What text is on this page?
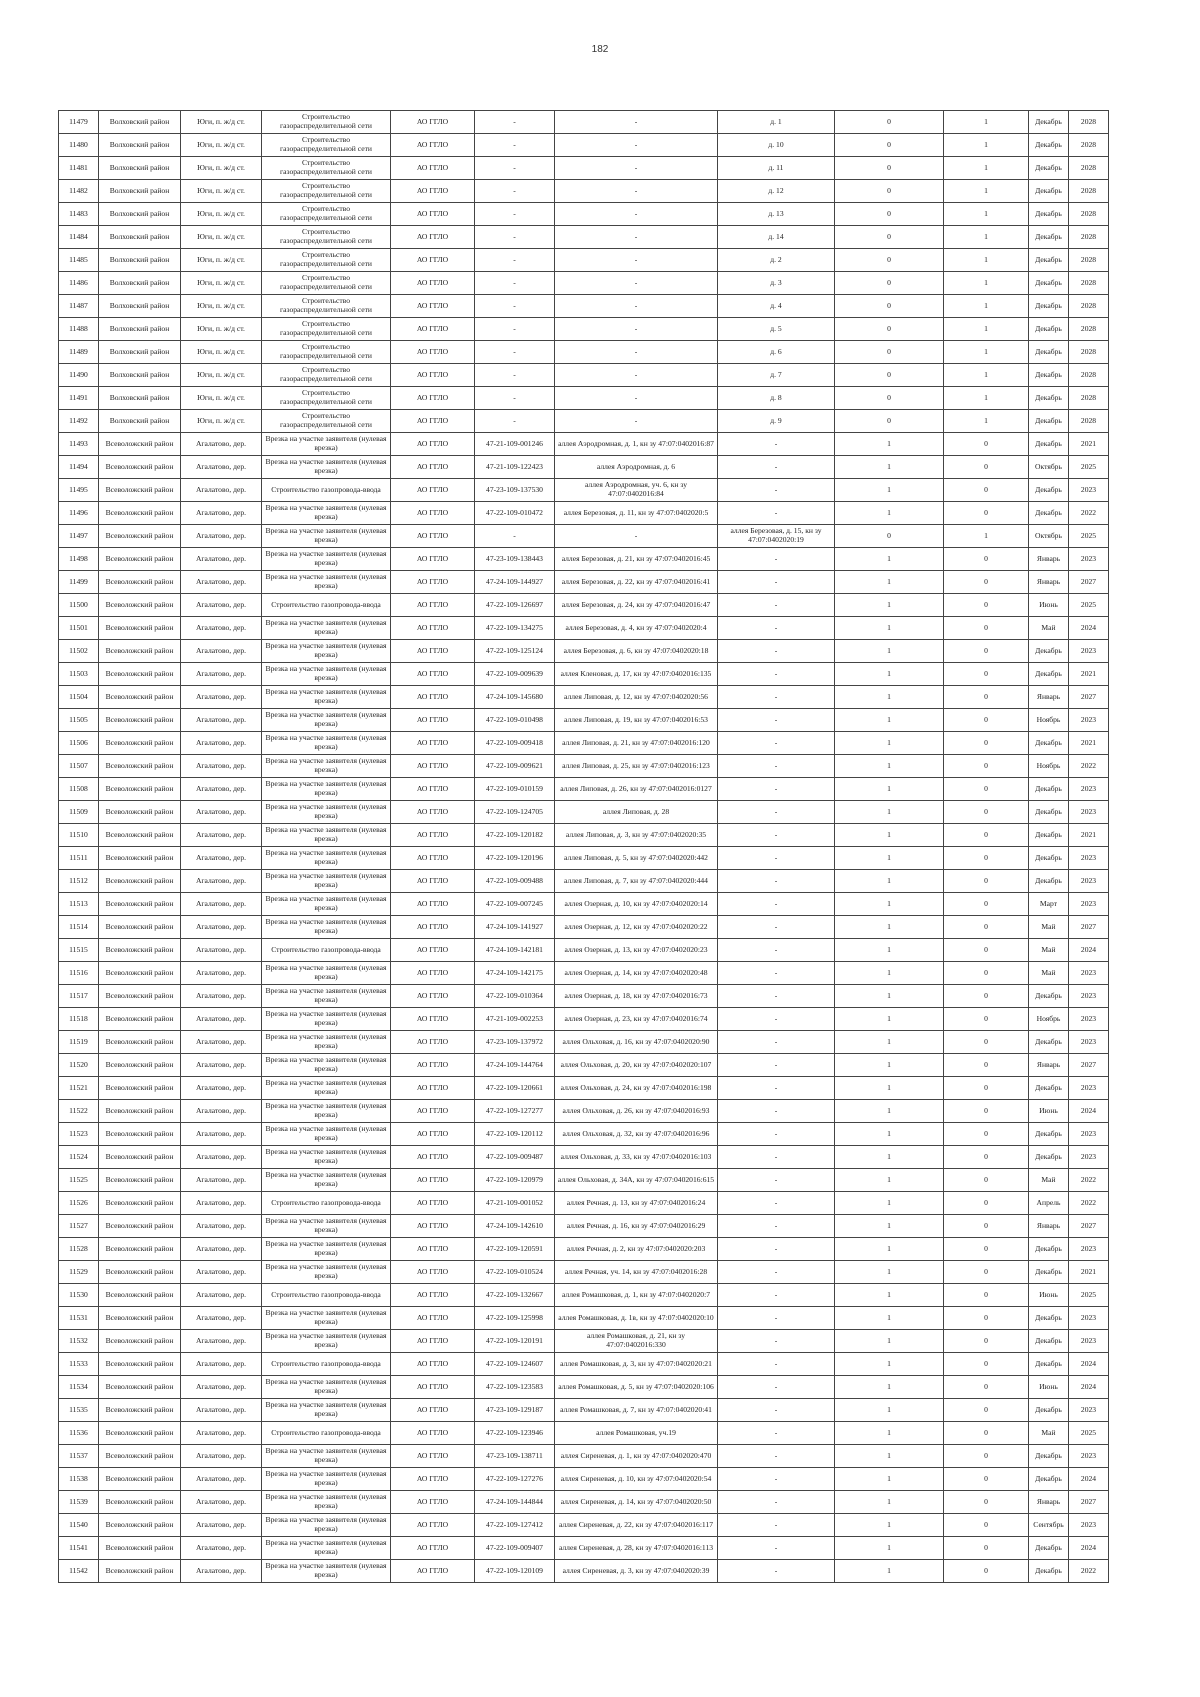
182
11479	Волховский район	Юги, п. ж/д ст.	Строительство газораспределительной сети	АО ГГЛО	-	-	д. 1	0	1	Декабрь	2028
11480	Волховский район	Юги, п. ж/д ст.	Строительство газораспределительной сети	АО ГГЛО	-	-	д. 10	0	1	Декабрь	2028
11481	Волховский район	Юги, п. ж/д ст.	Строительство газораспределительной сети	АО ГГЛО	-	-	д. 11	0	1	Декабрь	2028
11482	Волховский район	Юги, п. ж/д ст.	Строительство газораспределительной сети	АО ГГЛО	-	-	д. 12	0	1	Декабрь	2028
11483	Волховский район	Юги, п. ж/д ст.	Строительство газораспределительной сети	АО ГГЛО	-	-	д. 13	0	1	Декабрь	2028
11484	Волховский район	Юги, п. ж/д ст.	Строительство газораспределительной сети	АО ГГЛО	-	-	д. 14	0	1	Декабрь	2028
11485	Волховский район	Юги, п. ж/д ст.	Строительство газораспределительной сети	АО ГГЛО	-	-	д. 2	0	1	Декабрь	2028
11486	Волховский район	Юги, п. ж/д ст.	Строительство газораспределительной сети	АО ГГЛО	-	-	д. 3	0	1	Декабрь	2028
11487	Волховский район	Юги, п. ж/д ст.	Строительство газораспределительной сети	АО ГГЛО	-	-	д. 4	0	1	Декабрь	2028
11488	Волховский район	Юги, п. ж/д ст.	Строительство газораспределительной сети	АО ГГЛО	-	-	д. 5	0	1	Декабрь	2028
11489	Волховский район	Юги, п. ж/д ст.	Строительство газораспределительной сети	АО ГГЛО	-	-	д. 6	0	1	Декабрь	2028
11490	Волховский район	Юги, п. ж/д ст.	Строительство газораспределительной сети	АО ГГЛО	-	-	д. 7	0	1	Декабрь	2028
11491	Волховский район	Юги, п. ж/д ст.	Строительство газораспределительной сети	АО ГГЛО	-	-	д. 8	0	1	Декабрь	2028
11492	Волховский район	Юги, п. ж/д ст.	Строительство газораспределительной сети	АО ГГЛО	-	-	д. 9	0	1	Декабрь	2028
11493	Всеволожский район	Агалатово, дер.	Врезка на участке заявителя (нулевая врезка)	АО ГГЛО	47-21-109-001246	аллея Аэродромная, д. 1, кн зу 47:07:0402016:87	-	1	0	Декабрь	2021
11494	Всеволожский район	Агалатово, дер.	Врезка на участке заявителя (нулевая врезка)	АО ГГЛО	47-21-109-122423	аллея Аэродромная, д. 6	-	1	0	Октябрь	2025
11495	Всеволожский район	Агалатово, дер.	Строительство газопровода-ввода	АО ГГЛО	47-23-109-137530	аллея Аэродромная, уч. 6, кн зу 47:07:0402016:84	-	1	0	Декабрь	2023
11496	Всеволожский район	Агалатово, дер.	Врезка на участке заявителя (нулевая врезка)	АО ГГЛО	47-22-109-010472	аллея Березовая, д. 11, кн зу 47:07:0402020:5	-	1	0	Декабрь	2022
11497	Всеволожский район	Агалатово, дер.	Врезка на участке заявителя (нулевая врезка)	АО ГГЛО	-	-	аллея Березовая, д. 15, кн зу 47:07:0402020:19	0	1	Октябрь	2025
11498	Всеволожский район	Агалатово, дер.	Врезка на участке заявителя (нулевая врезка)	АО ГГЛО	47-23-109-138443	аллея Березовая, д. 21, кн зу 47:07:0402016:45	-	1	0	Январь	2023
11499	Всеволожский район	Агалатово, дер.	Врезка на участке заявителя (нулевая врезка)	АО ГГЛО	47-24-109-144927	аллея Березовая, д. 22, кн зу 47:07:0402016:41	-	1	0	Январь	2027
11500	Всеволожский район	Агалатово, дер.	Строительство газопровода-ввода	АО ГГЛО	47-22-109-126697	аллея Березовая, д. 24, кн зу 47:07:0402016:47	-	1	0	Июнь	2025
11501	Всеволожский район	Агалатово, дер.	Врезка на участке заявителя (нулевая врезка)	АО ГГЛО	47-22-109-134275	аллея Березовая, д. 4, кн зу 47:07:0402020:4	-	1	0	Май	2024
11502	Всеволожский район	Агалатово, дер.	Врезка на участке заявителя (нулевая врезка)	АО ГГЛО	47-22-109-125124	аллея Березовая, д. 6, кн зу 47:07:0402020:18	-	1	0	Декабрь	2023
11503	Всеволожский район	Агалатово, дер.	Врезка на участке заявителя (нулевая врезка)	АО ГГЛО	47-22-109-009639	аллея Кленовая, д. 17, кн зу 47:07:0402016:135	-	1	0	Декабрь	2021
11504	Всеволожский район	Агалатово, дер.	Врезка на участке заявителя (нулевая врезка)	АО ГГЛО	47-24-109-145680	аллея Липовая, д. 12, кн зу 47:07:0402020:56	-	1	0	Январь	2027
11505	Всеволожский район	Агалатово, дер.	Врезка на участке заявителя (нулевая врезка)	АО ГГЛО	47-22-109-010498	аллея Липовая, д. 19, кн зу 47:07:0402016:53	-	1	0	Ноябрь	2023
11506	Всеволожский район	Агалатово, дер.	Врезка на участке заявителя (нулевая врезка)	АО ГГЛО	47-22-109-009418	аллея Липовая, д. 21, кн зу 47:07:0402016:120	-	1	0	Декабрь	2021
11507	Всеволожский район	Агалатово, дер.	Врезка на участке заявителя (нулевая врезка)	АО ГГЛО	47-22-109-009621	аллея Липовая, д. 25, кн зу 47:07:0402016:123	-	1	0	Ноябрь	2022
11508	Всеволожский район	Агалатово, дер.	Врезка на участке заявителя (нулевая врезка)	АО ГГЛО	47-22-109-010159	аллея Липовая, д. 26, кн зу 47:07:0402016:0127	-	1	0	Декабрь	2023
11509	Всеволожский район	Агалатово, дер.	Врезка на участке заявителя (нулевая врезка)	АО ГГЛО	47-22-109-124705	аллея Липовая, д. 28	-	1	0	Декабрь	2023
11510	Всеволожский район	Агалатово, дер.	Врезка на участке заявителя (нулевая врезка)	АО ГГЛО	47-22-109-120182	аллея Липовая, д. 3, кн зу 47:07:0402020:35	-	1	0	Декабрь	2021
11511	Всеволожский район	Агалатово, дер.	Врезка на участке заявителя (нулевая врезка)	АО ГГЛО	47-22-109-120196	аллея Липовая, д. 5, кн зу 47:07:0402020:442	-	1	0	Декабрь	2023
11512	Всеволожский район	Агалатово, дер.	Врезка на участке заявителя (нулевая врезка)	АО ГГЛО	47-22-109-009488	аллея Липовая, д. 7, кн зу 47:07:0402020:444	-	1	0	Декабрь	2023
11513	Всеволожский район	Агалатово, дер.	Врезка на участке заявителя (нулевая врезка)	АО ГГЛО	47-22-109-007245	аллея Озерная, д. 10, кн зу 47:07:0402020:14	-	1	0	Март	2023
11514	Всеволожский район	Агалатово, дер.	Врезка на участке заявителя (нулевая врезка)	АО ГГЛО	47-24-109-141927	аллея Озерная, д. 12, кн зу 47:07:0402020:22	-	1	0	Май	2027
11515	Всеволожский район	Агалатово, дер.	Строительство газопровода-ввода	АО ГГЛО	47-24-109-142181	аллея Озерная, д. 13, кн зу 47:07:0402020:23	-	1	0	Май	2024
11516	Всеволожский район	Агалатово, дер.	Врезка на участке заявителя (нулевая врезка)	АО ГГЛО	47-24-109-142175	аллея Озерная, д. 14, кн зу 47:07:0402020:48	-	1	0	Май	2023
11517	Всеволожский район	Агалатово, дер.	Врезка на участке заявителя (нулевая врезка)	АО ГГЛО	47-22-109-010364	аллея Озерная, д. 18, кн зу 47:07:0402016:73	-	1	0	Декабрь	2023
11518	Всеволожский район	Агалатово, дер.	Врезка на участке заявителя (нулевая врезка)	АО ГГЛО	47-21-109-002253	аллея Озерная, д. 23, кн зу 47:07:0402016:74	-	1	0	Ноябрь	2023
11519	Всеволожский район	Агалатово, дер.	Врезка на участке заявителя (нулевая врезка)	АО ГГЛО	47-23-109-137972	аллея Ольховая, д. 16, кн зу 47:07:0402020:90	-	1	0	Декабрь	2023
11520	Всеволожский район	Агалатово, дер.	Врезка на участке заявителя (нулевая врезка)	АО ГГЛО	47-24-109-144764	аллея Ольховая, д. 20, кн зу 47:07:0402020:107	-	1	0	Январь	2027
11521	Всеволожский район	Агалатово, дер.	Врезка на участке заявителя (нулевая врезка)	АО ГГЛО	47-22-109-120661	аллея Ольховая, д. 24, кн зу 47:07:0402016:198	-	1	0	Декабрь	2023
11522	Всеволожский район	Агалатово, дер.	Врезка на участке заявителя (нулевая врезка)	АО ГГЛО	47-22-109-127277	аллея Ольховая, д. 26, кн зу 47:07:0402016:93	-	1	0	Июнь	2024
11523	Всеволожский район	Агалатово, дер.	Врезка на участке заявителя (нулевая врезка)	АО ГГЛО	47-22-109-120112	аллея Ольховая, д. 32, кн зу 47:07:0402016:96	-	1	0	Декабрь	2023
11524	Всеволожский район	Агалатово, дер.	Врезка на участке заявителя (нулевая врезка)	АО ГГЛО	47-22-109-009487	аллея Ольховая, д. 33, кн зу 47:07:0402016:103	-	1	0	Декабрь	2023
11525	Всеволожский район	Агалатово, дер.	Врезка на участке заявителя (нулевая врезка)	АО ГГЛО	47-22-109-120979	аллея Ольховая, д. 34А, кн зу 47:07:0402016:615	-	1	0	Май	2022
11526	Всеволожский район	Агалатово, дер.	Строительство газопровода-ввода	АО ГГЛО	47-21-109-001052	аллея Речная, д. 13, кн зу 47:07:0402016:24	-	1	0	Апрель	2022
11527	Всеволожский район	Агалатово, дер.	Врезка на участке заявителя (нулевая врезка)	АО ГГЛО	47-24-109-142610	аллея Речная, д. 16, кн зу 47:07:0402016:29	-	1	0	Январь	2027
11528	Всеволожский район	Агалатово, дер.	Врезка на участке заявителя (нулевая врезка)	АО ГГЛО	47-22-109-120591	аллея Речная, д. 2, кн зу 47:07:0402020:203	-	1	0	Декабрь	2023
11529	Всеволожский район	Агалатово, дер.	Врезка на участке заявителя (нулевая врезка)	АО ГГЛО	47-22-109-010524	аллея Речная, уч. 14, кн зу 47:07:0402016:28	-	1	0	Декабрь	2021
11530	Всеволожский район	Агалатово, дер.	Строительство газопровода-ввода	АО ГГЛО	47-22-109-132667	аллея Ромашковая, д. 1, кн зу 47:07:0402020:7	-	1	0	Июнь	2025
11531	Всеволожский район	Агалатово, дер.	Врезка на участке заявителя (нулевая врезка)	АО ГГЛО	47-22-109-125998	аллея Ромашковая, д. 1в, кн зу 47:07:0402020:10	-	1	0	Декабрь	2023
11532	Всеволожский район	Агалатово, дер.	Врезка на участке заявителя (нулевая врезка)	АО ГГЛО	47-22-109-120191	аллея Ромашковая, д. 21, кн зу 47:07:0402016:330	-	1	0	Декабрь	2023
11533	Всеволожский район	Агалатово, дер.	Строительство газопровода-ввода	АО ГГЛО	47-22-109-124607	аллея Ромашковая, д. 3, кн зу 47:07:0402020:21	-	1	0	Декабрь	2024
11534	Всеволожский район	Агалатово, дер.	Врезка на участке заявителя (нулевая врезка)	АО ГГЛО	47-22-109-123583	аллея Ромашковая, д. 5, кн зу 47:07:0402020:106	-	1	0	Июнь	2024
11535	Всеволожский район	Агалатово, дер.	Врезка на участке заявителя (нулевая врезка)	АО ГГЛО	47-23-109-129187	аллея Ромашковая, д. 7, кн зу 47:07:0402020:41	-	1	0	Декабрь	2023
11536	Всеволожский район	Агалатово, дер.	Строительство газопровода-ввода	АО ГГЛО	47-22-109-123946	аллея Ромашковая, уч.19	-	1	0	Май	2025
11537	Всеволожский район	Агалатово, дер.	Врезка на участке заявителя (нулевая врезка)	АО ГГЛО	47-23-109-138711	аллея Сиреневая, д. 1, кн зу 47:07:0402020:470	-	1	0	Декабрь	2023
11538	Всеволожский район	Агалатово, дер.	Врезка на участке заявителя (нулевая врезка)	АО ГГЛО	47-22-109-127276	аллея Сиреневая, д. 10, кн зу 47:07:0402020:54	-	1	0	Декабрь	2024
11539	Всеволожский район	Агалатово, дер.	Врезка на участке заявителя (нулевая врезка)	АО ГГЛО	47-24-109-144844	аллея Сиреневая, д. 14, кн зу 47:07:0402020:50	-	1	0	Январь	2027
11540	Всеволожский район	Агалатово, дер.	Врезка на участке заявителя (нулевая врезка)	АО ГГЛО	47-22-109-127412	аллея Сиреневая, д. 22, кн зу 47:07:0402016:117	-	1	0	Сентябрь	2023
11541	Всеволожский район	Агалатово, дер.	Врезка на участке заявителя (нулевая врезка)	АО ГГЛО	47-22-109-009407	аллея Сиреневая, д. 28, кн зу 47:07:0402016:113	-	1	0	Декабрь	2024
11542	Всеволожский район	Агалатово, дер.	Врезка на участке заявителя (нулевая врезка)	АО ГГЛО	47-22-109-120109	аллея Сиреневая, д. 3, кн зу 47:07:0402020:39	-	1	0	Декабрь	2022
